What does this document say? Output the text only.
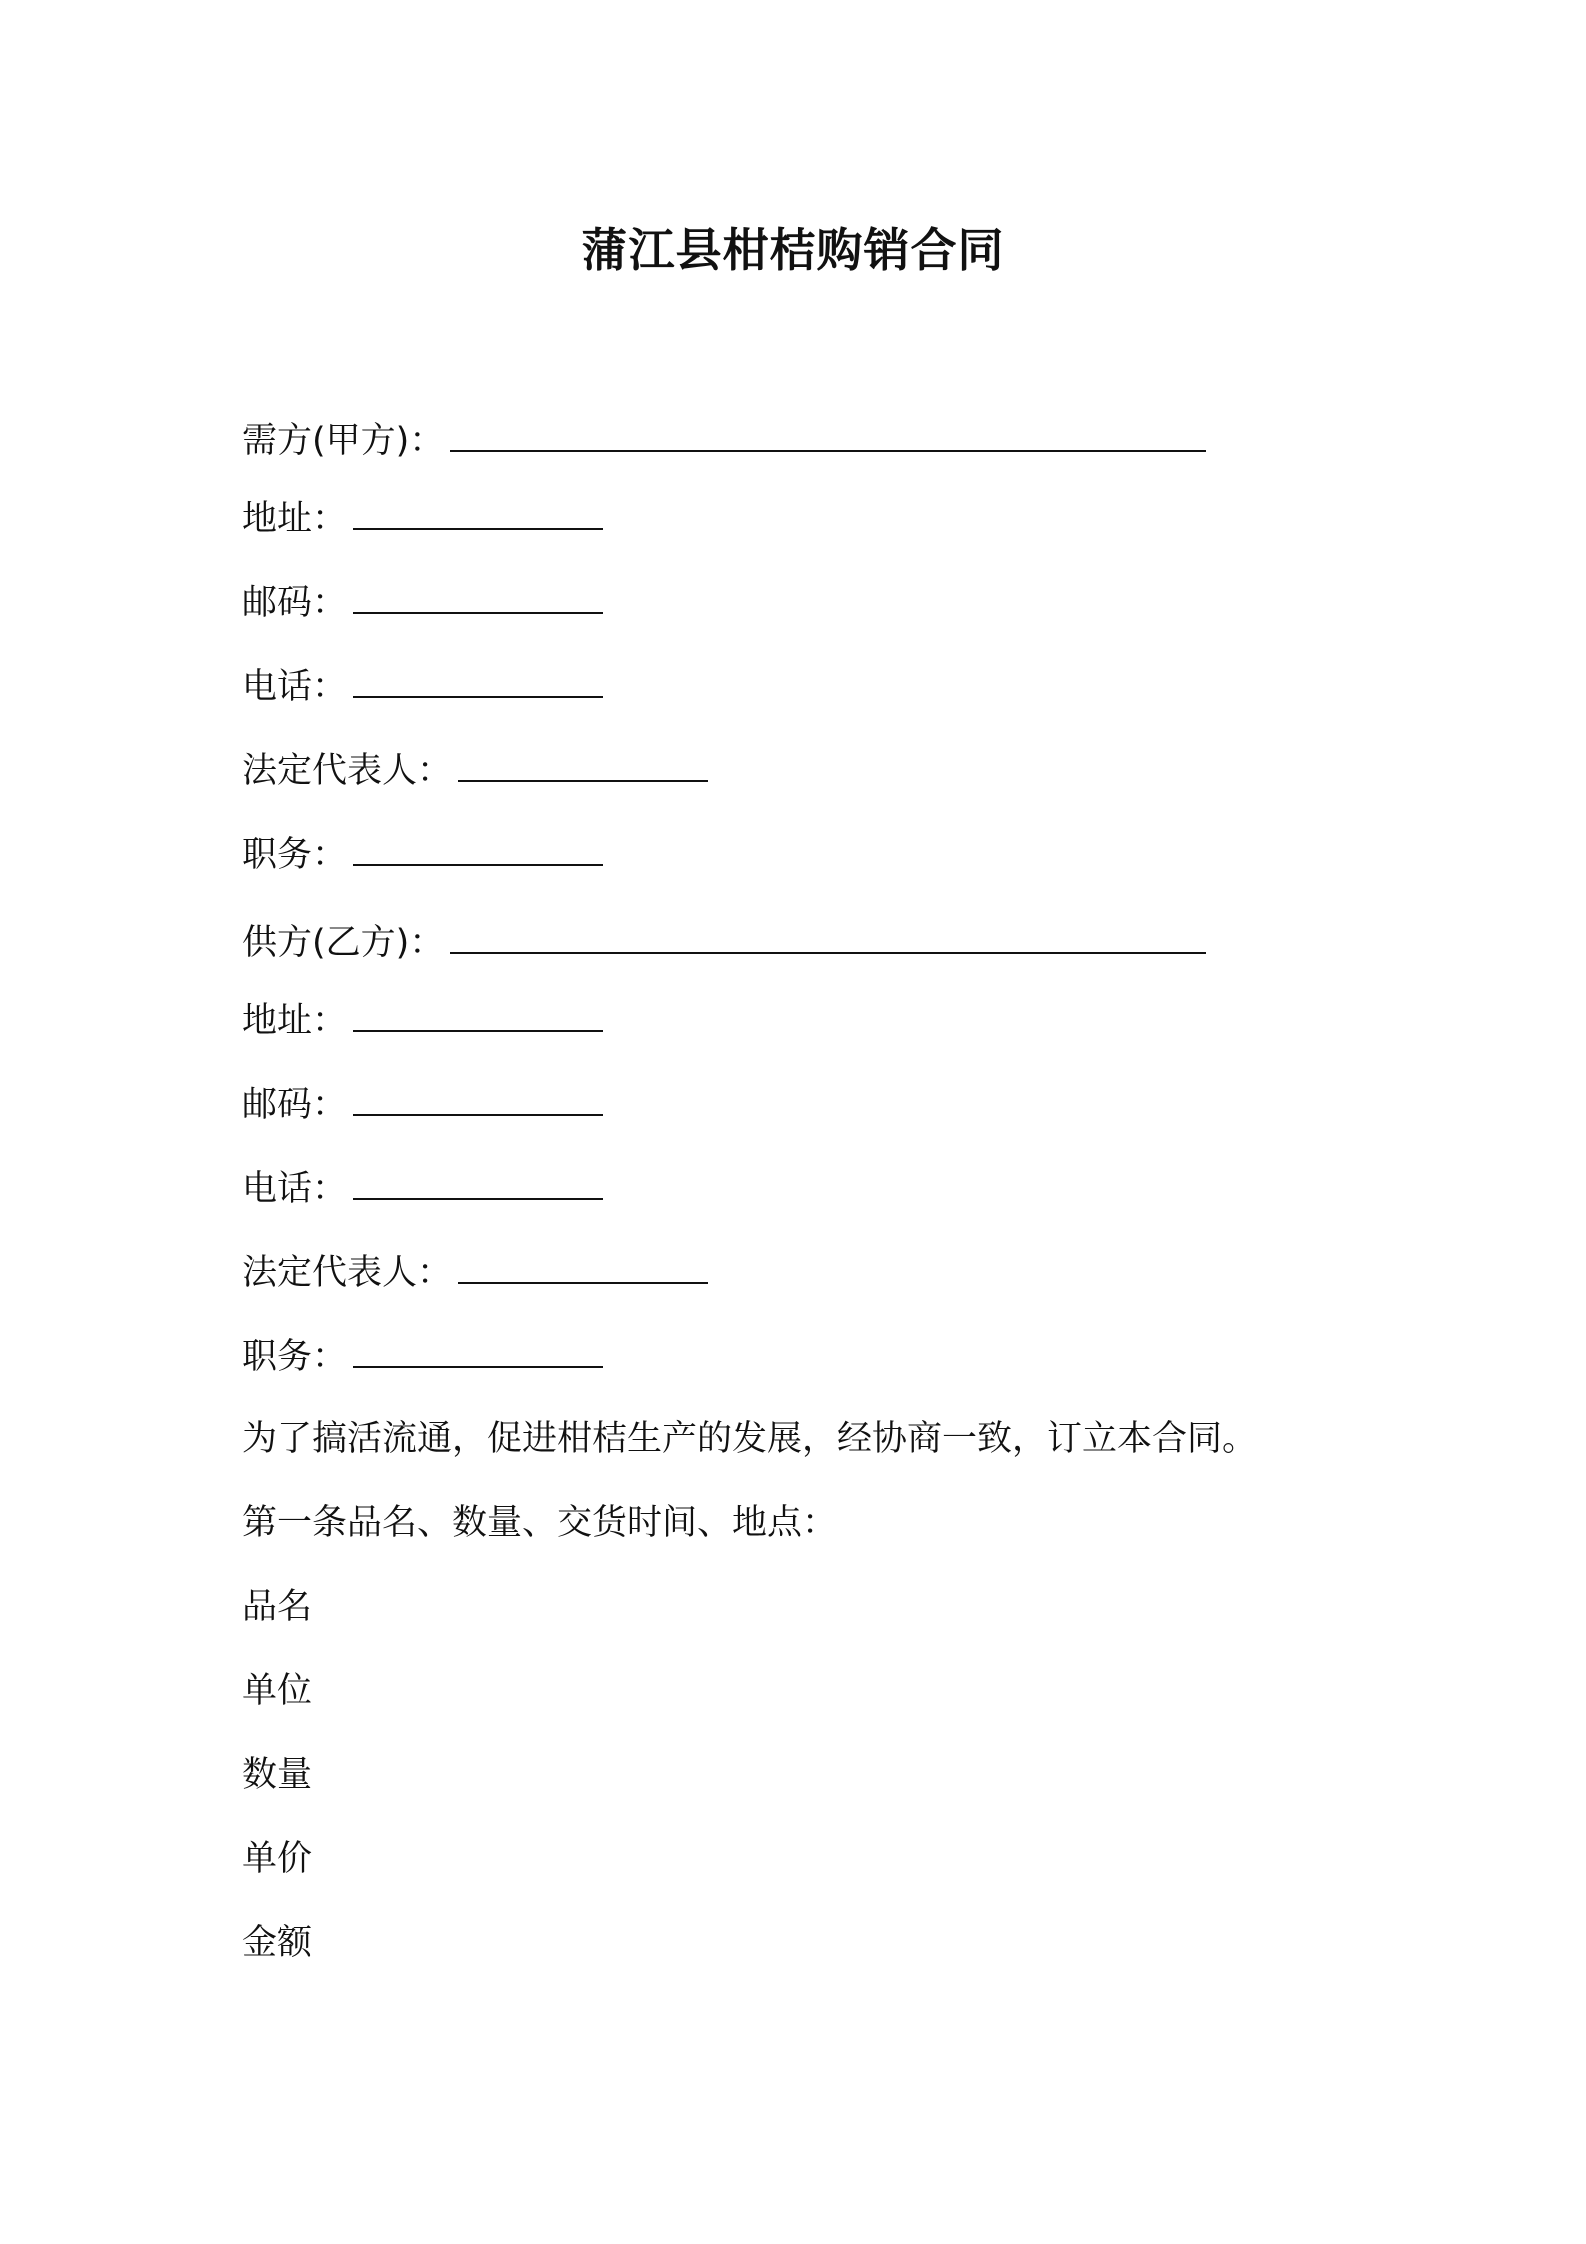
蒲江县柑桔购销合同
需方(甲方)：
地址：
邮码：
电话：
法定代表人：
职务：
供方(乙方)：
地址：
邮码：
电话：
法定代表人：
职务：
为了搞活流通，促进柑桔生产的发展，经协商一致，订立本合同。
第一条品名、数量、交货时间、地点：
品名
单位
数量
单价
金额
